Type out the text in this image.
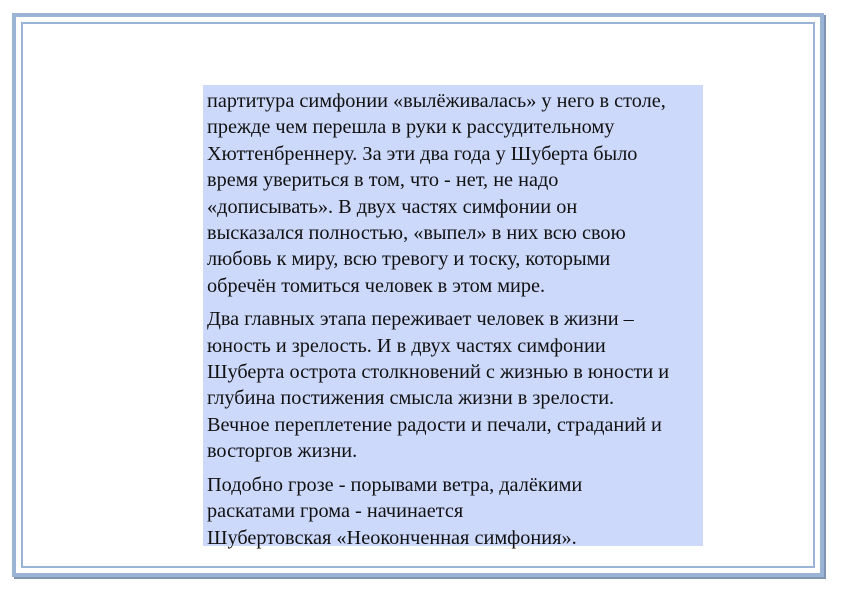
партитура симфонии «вылёживалась» у него в столе,
прежде чем перешла в руки к рассудительному
Хюттенбреннеру. За эти два года у Шуберта было
время увериться в том, что - нет, не надо
«дописывать». В двух частях симфонии он
высказался полностью, «выпел» в них всю свою
любовь к миру, всю тревогу и тоску, которыми
обречён томиться человек в этом мире.

Два главных этапа переживает человек в жизни –
юность и зрелость. И в двух частях симфонии
Шуберта острота столкновений с жизнью в юности и
глубина постижения смысла жизни в зрелости.
Вечное переплетение радости и печали, страданий и
восторгов жизни.

Подобно грозе - порывами ветра, далёкими
раскатами грома - начинается
Шубертовская «Неоконченная симфония».
